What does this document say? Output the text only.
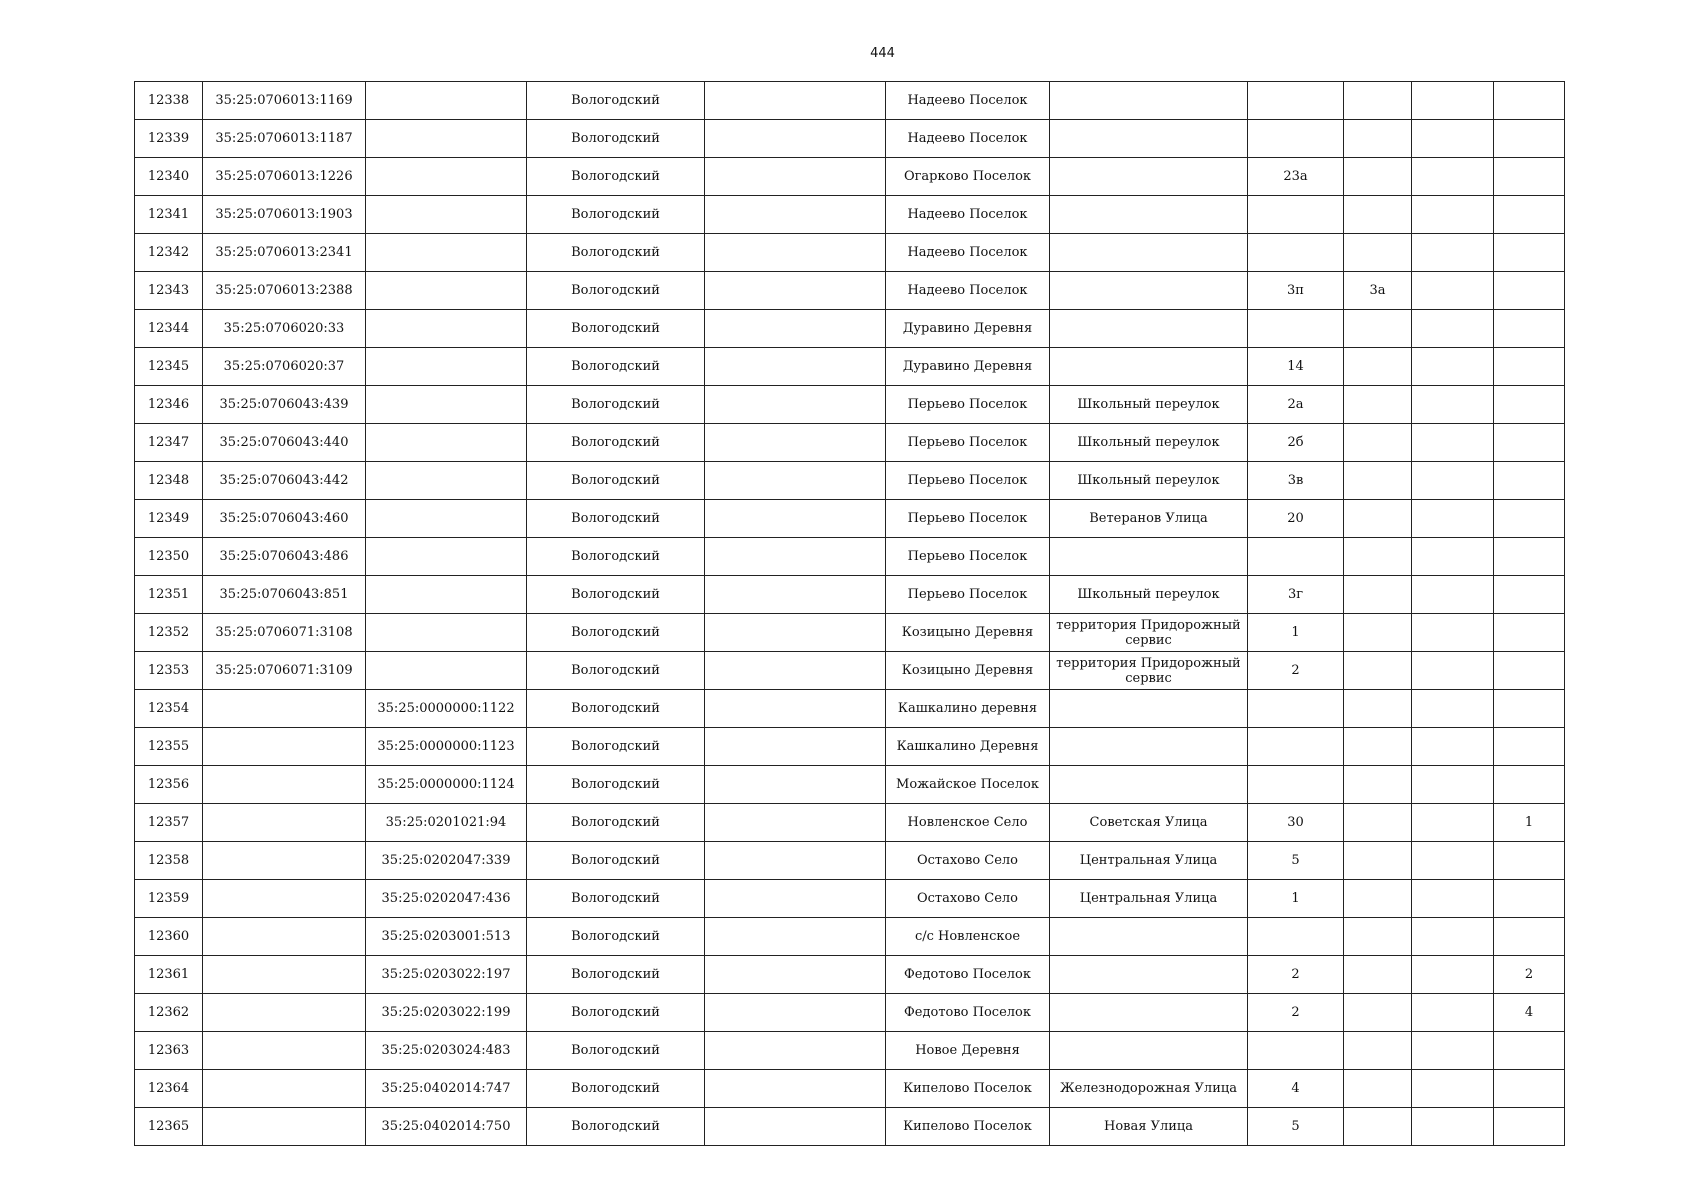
444
12338	35:25:0706013:1169		Вологодский		Надеево Поселок					
12339	35:25:0706013:1187		Вологодский		Надеево Поселок					
12340	35:25:0706013:1226		Вологодский		Огарково Поселок		23а			
12341	35:25:0706013:1903		Вологодский		Надеево Поселок					
12342	35:25:0706013:2341		Вологодский		Надеево Поселок					
12343	35:25:0706013:2388		Вологодский		Надеево Поселок		3п	3а		
12344	35:25:0706020:33		Вологодский		Дуравино Деревня					
12345	35:25:0706020:37		Вологодский		Дуравино Деревня		14			
12346	35:25:0706043:439		Вологодский		Перьево Поселок	Школьный переулок	2а			
12347	35:25:0706043:440		Вологодский		Перьево Поселок	Школьный переулок	2б			
12348	35:25:0706043:442		Вологодский		Перьево Поселок	Школьный переулок	3в			
12349	35:25:0706043:460		Вологодский		Перьево Поселок	Ветеранов Улица	20			
12350	35:25:0706043:486		Вологодский		Перьево Поселок					
12351	35:25:0706043:851		Вологодский		Перьево Поселок	Школьный переулок	3г			
12352	35:25:0706071:3108		Вологодский		Козицыно Деревня	территория Придорожный сервис	1			
12353	35:25:0706071:3109		Вологодский		Козицыно Деревня	территория Придорожный сервис	2			
12354		35:25:0000000:1122	Вологодский		Кашкалино деревня					
12355		35:25:0000000:1123	Вологодский		Кашкалино Деревня					
12356		35:25:0000000:1124	Вологодский		Можайское Поселок					
12357		35:25:0201021:94	Вологодский		Новленское Село	Советская Улица	30			1
12358		35:25:0202047:339	Вологодский		Остахово Село	Центральная Улица	5			
12359		35:25:0202047:436	Вологодский		Остахово Село	Центральная Улица	1			
12360		35:25:0203001:513	Вологодский		с/с Новленское					
12361		35:25:0203022:197	Вологодский		Федотово Поселок		2			2
12362		35:25:0203022:199	Вологодский		Федотово Поселок		2			4
12363		35:25:0203024:483	Вологодский		Новое Деревня					
12364		35:25:0402014:747	Вологодский		Кипелово Поселок	Железнодорожная Улица	4			
12365		35:25:0402014:750	Вологодский		Кипелово Поселок	Новая Улица	5			
